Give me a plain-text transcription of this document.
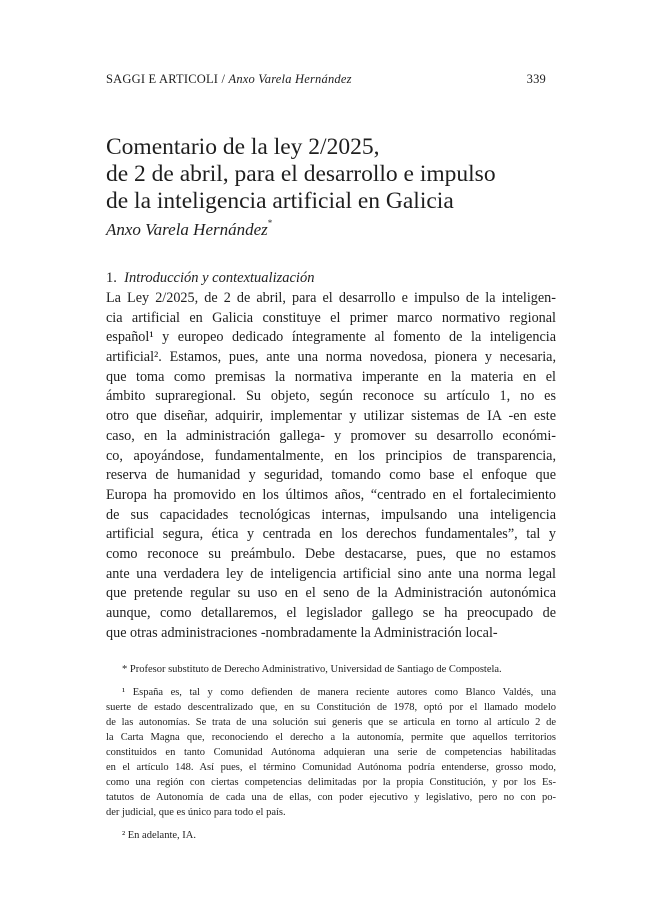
SAGGI E ARTICOLI / Anxo Varela Hernández	339
Comentario de la ley 2/2025,
de 2 de abril, para el desarrollo e impulso
de la inteligencia artificial en Galicia
Anxo Varela Hernández*
1. Introducción y contextualización
La Ley 2/2025, de 2 de abril, para el desarrollo e impulso de la inteligen-
cia artificial en Galicia constituye el primer marco normativo regional
español¹ y europeo dedicado íntegramente al fomento de la inteligencia
artificial². Estamos, pues, ante una norma novedosa, pionera y necesaria,
que toma como premisas la normativa imperante en la materia en el
ámbito supraregional. Su objeto, según reconoce su artículo 1, no es
otro que diseñar, adquirir, implementar y utilizar sistemas de IA -en este
caso, en la administración gallega- y promover su desarrollo económi-
co, apoyándose, fundamentalmente, en los principios de transparencia,
reserva de humanidad y seguridad, tomando como base el enfoque que
Europa ha promovido en los últimos años, “centrado en el fortalecimiento
de sus capacidades tecnológicas internas, impulsando una inteligencia
artificial segura, ética y centrada en los derechos fundamentales”, tal y
como reconoce su preámbulo. Debe destacarse, pues, que no estamos
ante una verdadera ley de inteligencia artificial sino ante una norma legal
que pretende regular su uso en el seno de la Administración autonómica
aunque, como detallaremos, el legislador gallego se ha preocupado de
que otras administraciones -nombradamente la Administración local-
* Profesor substituto de Derecho Administrativo, Universidad de Santiago de Compostela.
¹ España es, tal y como defienden de manera reciente autores como Blanco Valdés, una
suerte de estado descentralizado que, en su Constitución de 1978, optó por el llamado modelo
de las autonomías. Se trata de una solución sui generis que se articula en torno al artículo 2 de
la Carta Magna que, reconociendo el derecho a la autonomía, permite que aquellos territorios
constituidos en tanto Comunidad Autónoma adquieran una serie de competencias habilitadas
en el artículo 148. Así pues, el término Comunidad Autónoma podría entenderse, grosso modo,
como una región con ciertas competencias delimitadas por la propia Constitución, y por los Es-
tatutos de Autonomía de cada una de ellas, con poder ejecutivo y legislativo, pero no con po-
der judicial, que es único para todo el país.
² En adelante, IA.
